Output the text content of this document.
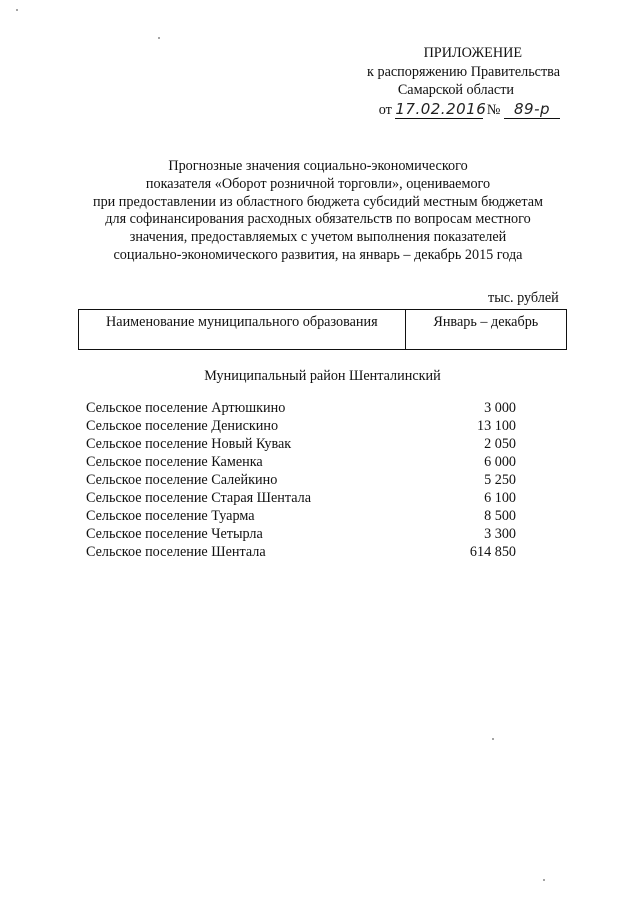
ПРИЛОЖЕНИЕ
к распоряжению Правительства
Самарской области
от 17.02.2016 № 89-р
Прогнозные значения социально-экономического
показателя «Оборот розничной торговли», оцениваемого
при предоставлении из областного бюджета субсидий местным бюджетам
для софинансирования расходных обязательств по вопросам местного
значения, предоставляемых с учетом выполнения показателей
социально-экономического развития, на январь – декабрь 2015 года
тыс. рублей
Наименование муниципального образования	Январь – декабрь
Муниципальный район Шенталинский
Сельское поселение Артюшкино	3 000
Сельское поселение Денискино	13 100
Сельское поселение Новый Кувак	2 050
Сельское поселение Каменка	6 000
Сельское поселение Салейкино	5 250
Сельское поселение Старая Шентала	6 100
Сельское поселение Туарма	8 500
Сельское поселение Четырла	3 300
Сельское поселение Шентала	614 850
